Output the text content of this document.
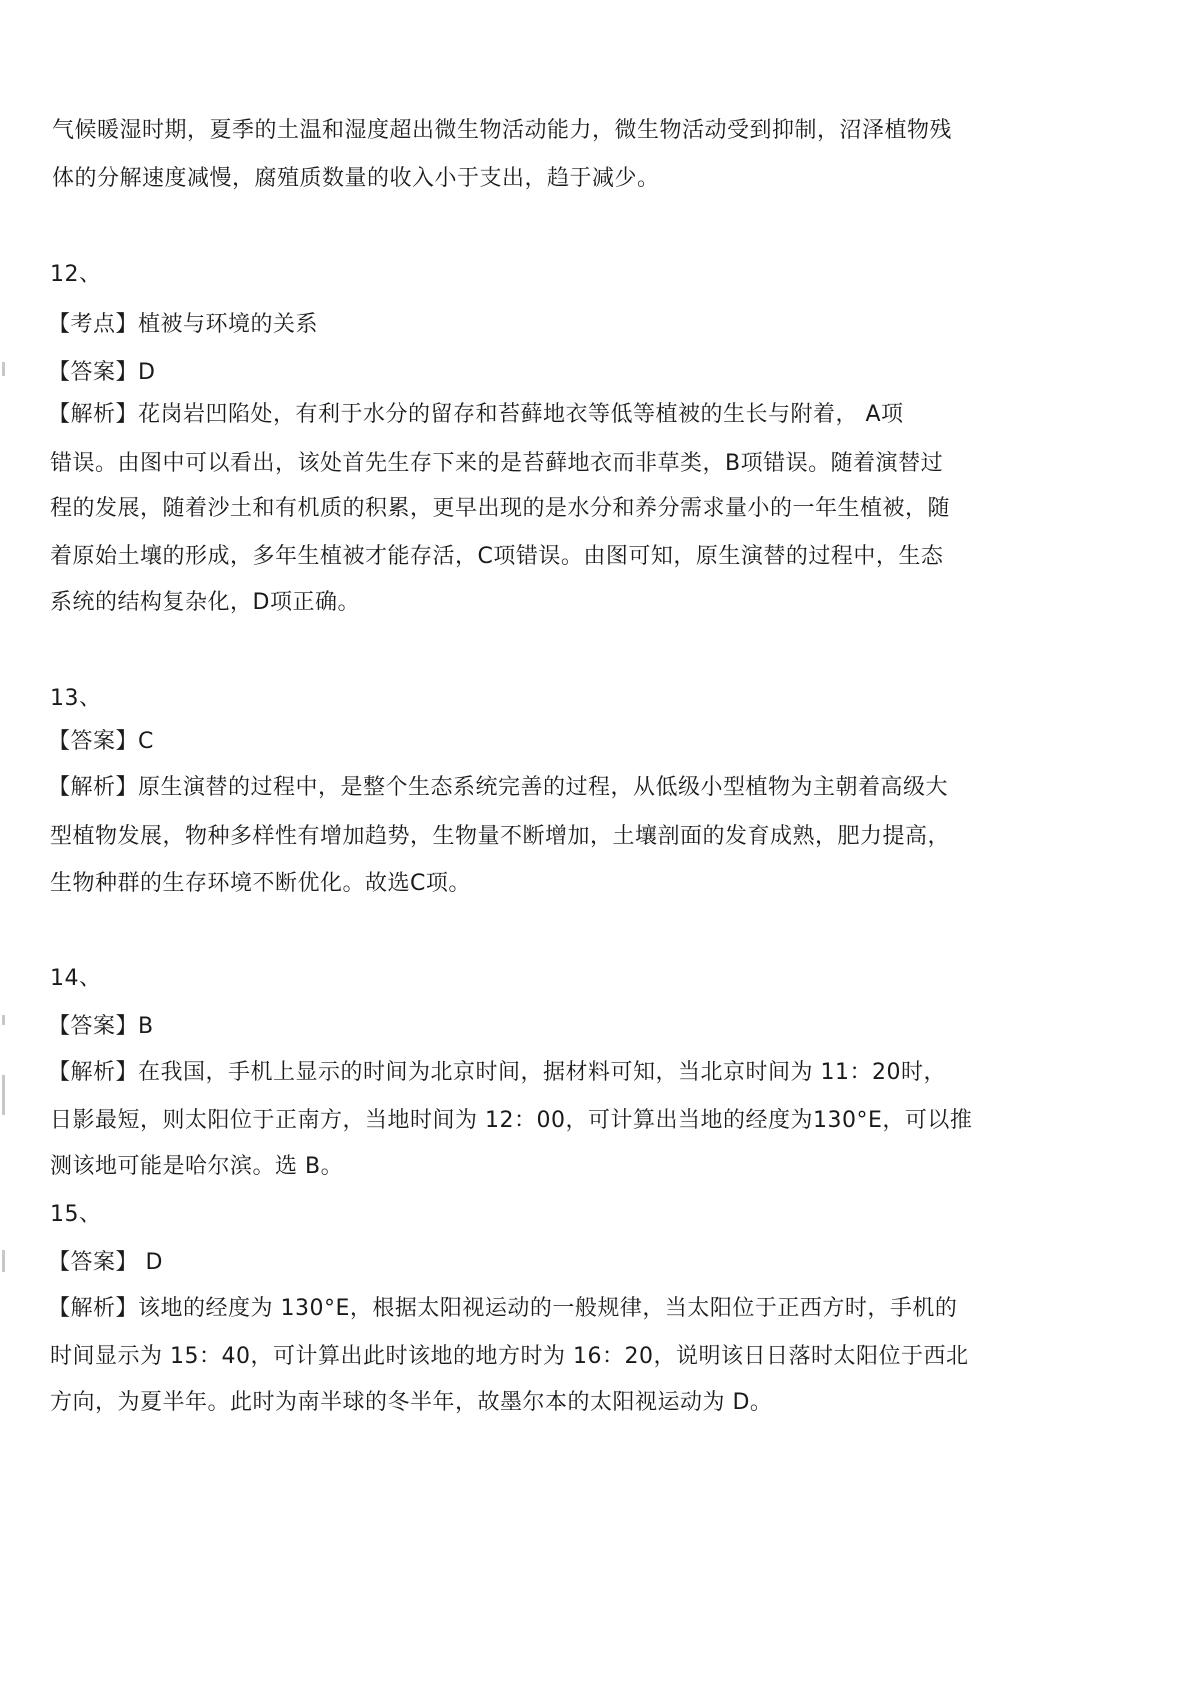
气候暖湿时期，夏季的土温和湿度超出微生物活动能力，微生物活动受到抑制，沼泽植物残
体的分解速度减慢，腐殖质数量的收入小于支出，趋于减少。
12、
【考点】植被与环境的关系
【答案】D
【解析】花岗岩凹陷处，有利于水分的留存和苔藓地衣等低等植被的生长与附着， A项
错误。由图中可以看出，该处首先生存下来的是苔藓地衣而非草类，B项错误。随着演替过
程的发展，随着沙土和有机质的积累，更早出现的是水分和养分需求量小的一年生植被，随
着原始土壤的形成，多年生植被才能存活，C项错误。由图可知，原生演替的过程中，生态
系统的结构复杂化，D项正确。
13、
【答案】C
【解析】原生演替的过程中，是整个生态系统完善的过程，从低级小型植物为主朝着高级大
型植物发展，物种多样性有增加趋势，生物量不断增加，土壤剖面的发育成熟，肥力提高，
生物种群的生存环境不断优化。故选C项。
14、
【答案】B
【解析】在我国，手机上显示的时间为北京时间，据材料可知，当北京时间为 11：20时，
日影最短，则太阳位于正南方，当地时间为 12：00，可计算出当地的经度为130°E，可以推
测该地可能是哈尔滨。选 B。
15、
【答案】 D
【解析】该地的经度为 130°E，根据太阳视运动的一般规律，当太阳位于正西方时，手机的
时间显示为 15：40，可计算出此时该地的地方时为 16：20，说明该日日落时太阳位于西北
方向，为夏半年。此时为南半球的冬半年，故墨尔本的太阳视运动为 D。
